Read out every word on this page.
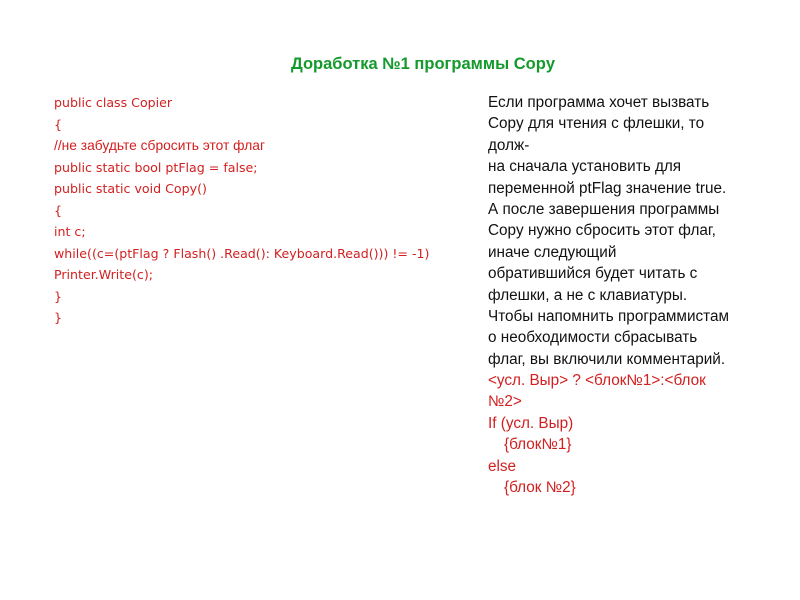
Доработка №1 программы Copy
public class Copier
{
//не забудьте сбросить этот флаг
public static bool ptFlag = false;
public static void Copy()
{
int c;
while((c=(ptFlag ? Flash() .Read(): Keyboard.Read())) != -1)
Printer.Write(c);
}
}
Если программа хочет вызвать
Copy для чтения с флешки, то
долж-
на сначала установить для
переменной ptFlag значение true.
А после завершения программы
Copy нужно сбросить этот флаг,
иначе следующий
обратившийся будет читать с
флешки, а не с клавиатуры.
Чтобы напомнить программистам
о необходимости сбрасывать
флаг, вы включили комментарий.
<усл. Выр> ? <блок№1>:<блок
№2>
If (усл. Выр)
{блок№1}
else
{блок №2}
